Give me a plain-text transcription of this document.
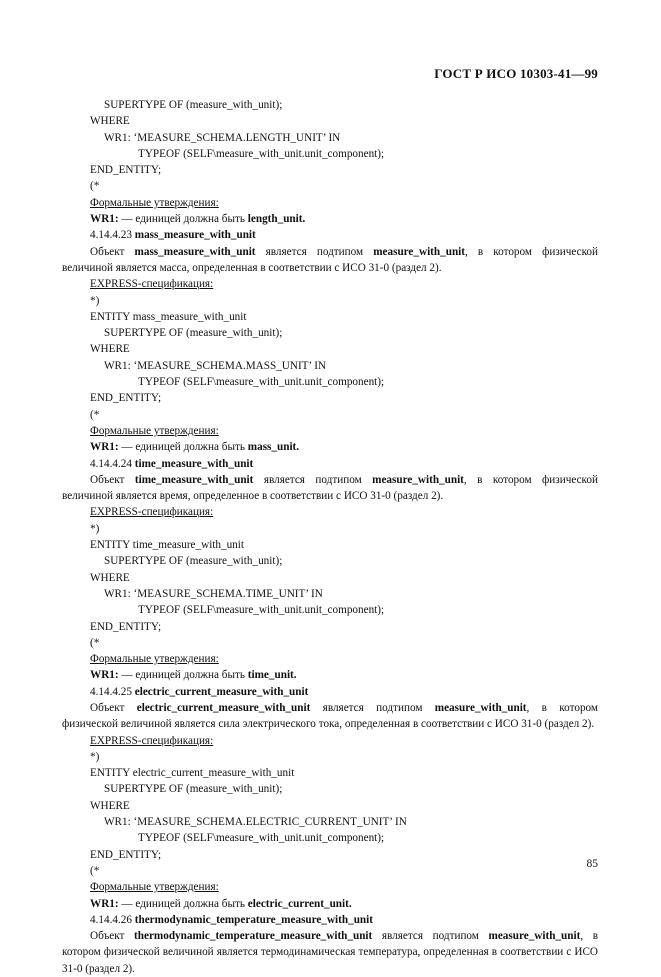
ГОСТ Р ИСО 10303-41—99
SUPERTYPE OF (measure_with_unit);
WHERE
WR1: ‘MEASURE_SCHEMA.LENGTH_UNIT’ IN
TYPEOF (SELF\measure_with_unit.unit_component);
END_ENTITY;
(*
Формальные утверждения:
WR1: — единицей должна быть length_unit.
4.14.4.23 mass_measure_with_unit
Объект mass_measure_with_unit является подтипом measure_with_unit, в котором физической величиной является масса, определенная в соответствии с ИСО 31-0 (раздел 2).
EXPRESS-спецификация:
*)
ENTITY mass_measure_with_unit
SUPERTYPE OF (measure_with_unit);
WHERE
WR1: ‘MEASURE_SCHEMA.MASS_UNIT’ IN
TYPEOF (SELF\measure_with_unit.unit_component);
END_ENTITY;
(*
Формальные утверждения:
WR1: — единицей должна быть mass_unit.
4.14.4.24 time_measure_with_unit
Объект time_measure_with_unit является подтипом measure_with_unit, в котором физической величиной является время, определенное в соответствии с ИСО 31-0 (раздел 2).
EXPRESS-спецификация:
*)
ENTITY time_measure_with_unit
SUPERTYPE OF (measure_with_unit);
WHERE
WR1: ‘MEASURE_SCHEMA.TIME_UNIT’ IN
TYPEOF (SELF\measure_with_unit.unit_component);
END_ENTITY;
(*
Формальные утверждения:
WR1: — единицей должна быть time_unit.
4.14.4.25 electric_current_measure_with_unit
Объект electric_current_measure_with_unit является подтипом measure_with_unit, в котором физической величиной является сила электрического тока, определенная в соответствии с ИСО 31-0 (раздел 2).
EXPRESS-спецификация:
*)
ENTITY electric_current_measure_with_unit
SUPERTYPE OF (measure_with_unit);
WHERE
WR1: ‘MEASURE_SCHEMA.ELECTRIC_CURRENT_UNIT’ IN
TYPEOF (SELF\measure_with_unit.unit_component);
END_ENTITY;
(*
Формальные утверждения:
WR1: — единицей должна быть electric_current_unit.
4.14.4.26 thermodynamic_temperature_measure_with_unit
Объект thermodynamic_temperature_measure_with_unit является подтипом measure_with_unit, в котором физической величиной является термодинамическая температура, определенная в соответствии с ИСО 31-0 (раздел 2).
85
